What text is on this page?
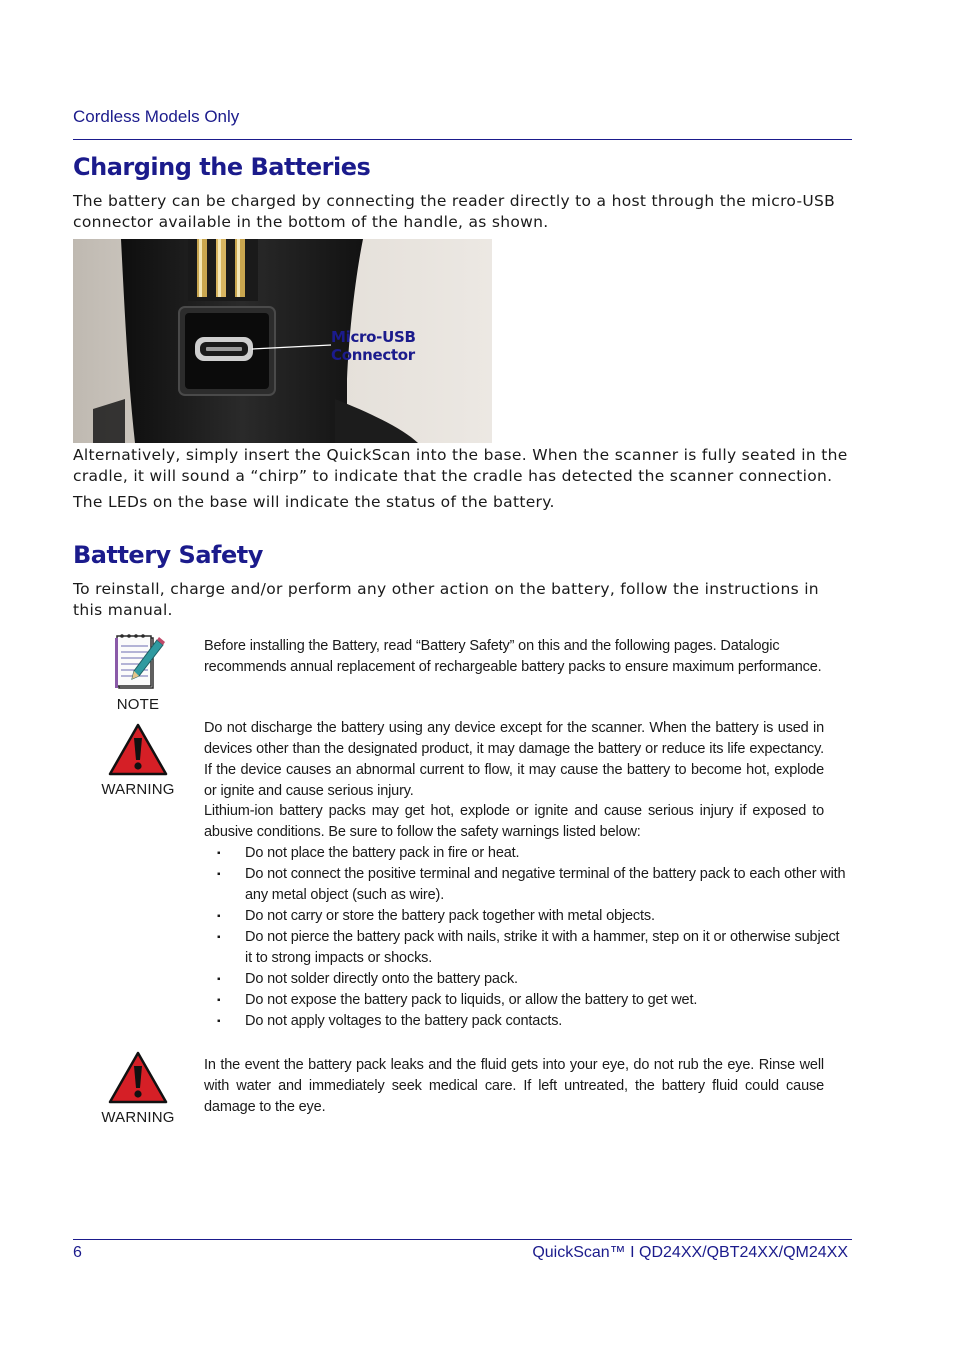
Cordless Models Only
Charging the Batteries

The battery can be charged by connecting the reader directly to a host through the micro-USB connector available in the bottom of the handle, as shown.

Micro-USB
Connector

Alternatively, simply insert the QuickScan into the base. When the scanner is fully seated in the cradle, it will sound a “chirp” to indicate that the cradle has detected the scanner connection.

The LEDs on the base will indicate the status of the battery.

Battery Safety

To reinstall, charge and/or perform any other action on the battery, follow the instructions in this manual.

NOTE

Before installing the Battery, read “Battery Safety” on this and the following pages. Datalogic recommends annual replacement of rechargeable battery packs to ensure maximum performance.

WARNING

Do not discharge the battery using any device except for the scanner. When the battery is used in devices other than the designated product, it may damage the battery or reduce its life expectancy. If the device causes an abnormal current to flow, it may cause the battery to become hot, explode or ignite and cause serious injury.

Lithium-ion battery packs may get hot, explode or ignite and cause serious injury if exposed to abusive conditions. Be sure to follow the safety warnings listed below:

▪ Do not place the battery pack in fire or heat.
▪ Do not connect the positive terminal and negative terminal of the battery pack to each other with any metal object (such as wire).
▪ Do not carry or store the battery pack together with metal objects.
▪ Do not pierce the battery pack with nails, strike it with a hammer, step on it or otherwise subject it to strong impacts or shocks.
▪ Do not solder directly onto the battery pack.
▪ Do not expose the battery pack to liquids, or allow the battery to get wet.
▪ Do not apply voltages to the battery pack contacts.
WARNING

In the event the battery pack leaks and the fluid gets into your eye, do not rub the eye. Rinse well with water and immediately seek medical care. If left untreated, the battery fluid could cause damage to the eye.

6	QuickScan™ I QD24XX/QBT24XX/QM24XX
